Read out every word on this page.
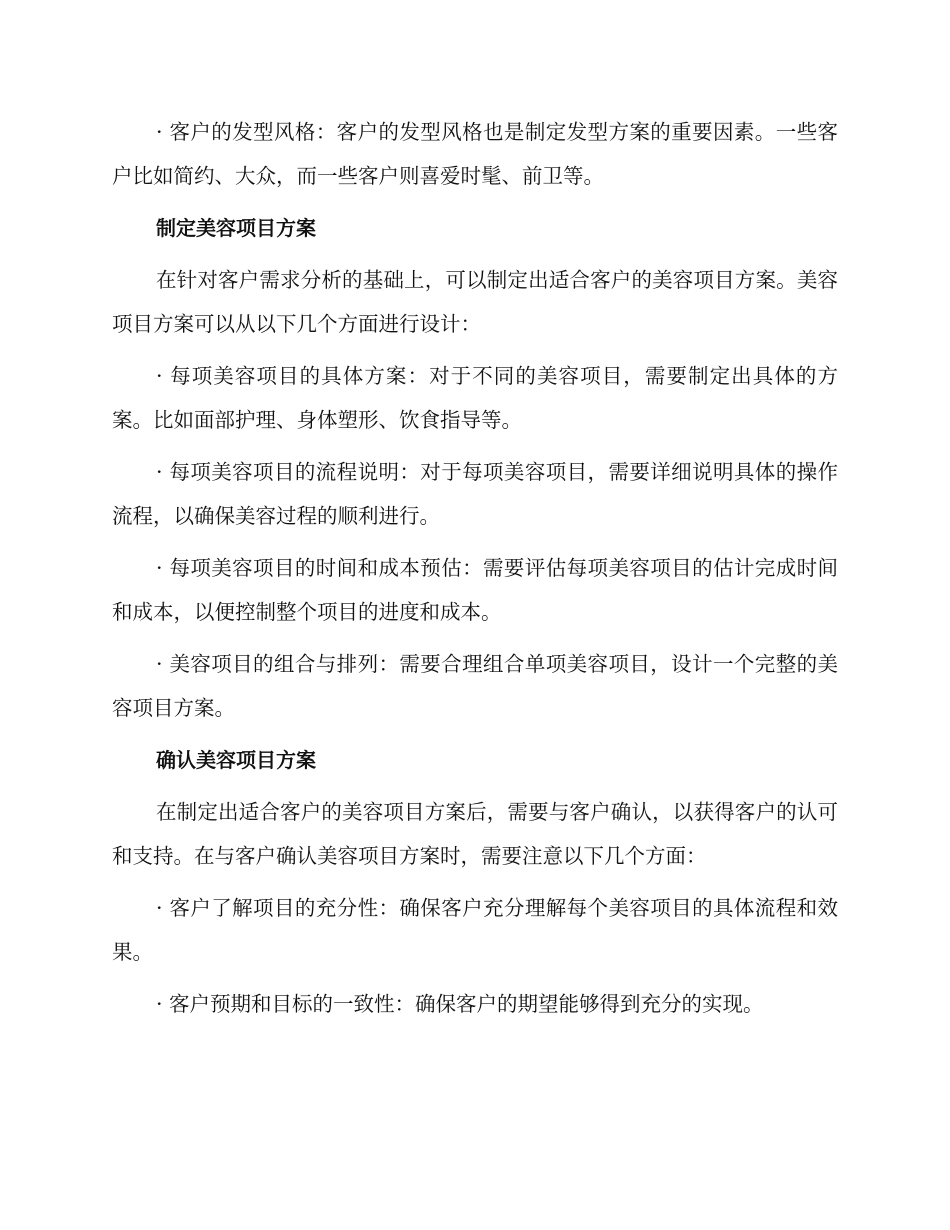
· 客户的发型风格：客户的发型风格也是制定发型方案的重要因素。一些客户比如简约、大众，而一些客户则喜爱时髦、前卫等。

制定美容项目方案

在针对客户需求分析的基础上，可以制定出适合客户的美容项目方案。美容项目方案可以从以下几个方面进行设计：

· 每项美容项目的具体方案：对于不同的美容项目，需要制定出具体的方案。比如面部护理、身体塑形、饮食指导等。

· 每项美容项目的流程说明：对于每项美容项目，需要详细说明具体的操作流程，以确保美容过程的顺利进行。

· 每项美容项目的时间和成本预估：需要评估每项美容项目的估计完成时间和成本，以便控制整个项目的进度和成本。

· 美容项目的组合与排列：需要合理组合单项美容项目，设计一个完整的美容项目方案。

确认美容项目方案

在制定出适合客户的美容项目方案后，需要与客户确认，以获得客户的认可和支持。在与客户确认美容项目方案时，需要注意以下几个方面：

· 客户了解项目的充分性：确保客户充分理解每个美容项目的具体流程和效果。

· 客户预期和目标的一致性：确保客户的期望能够得到充分的实现。
